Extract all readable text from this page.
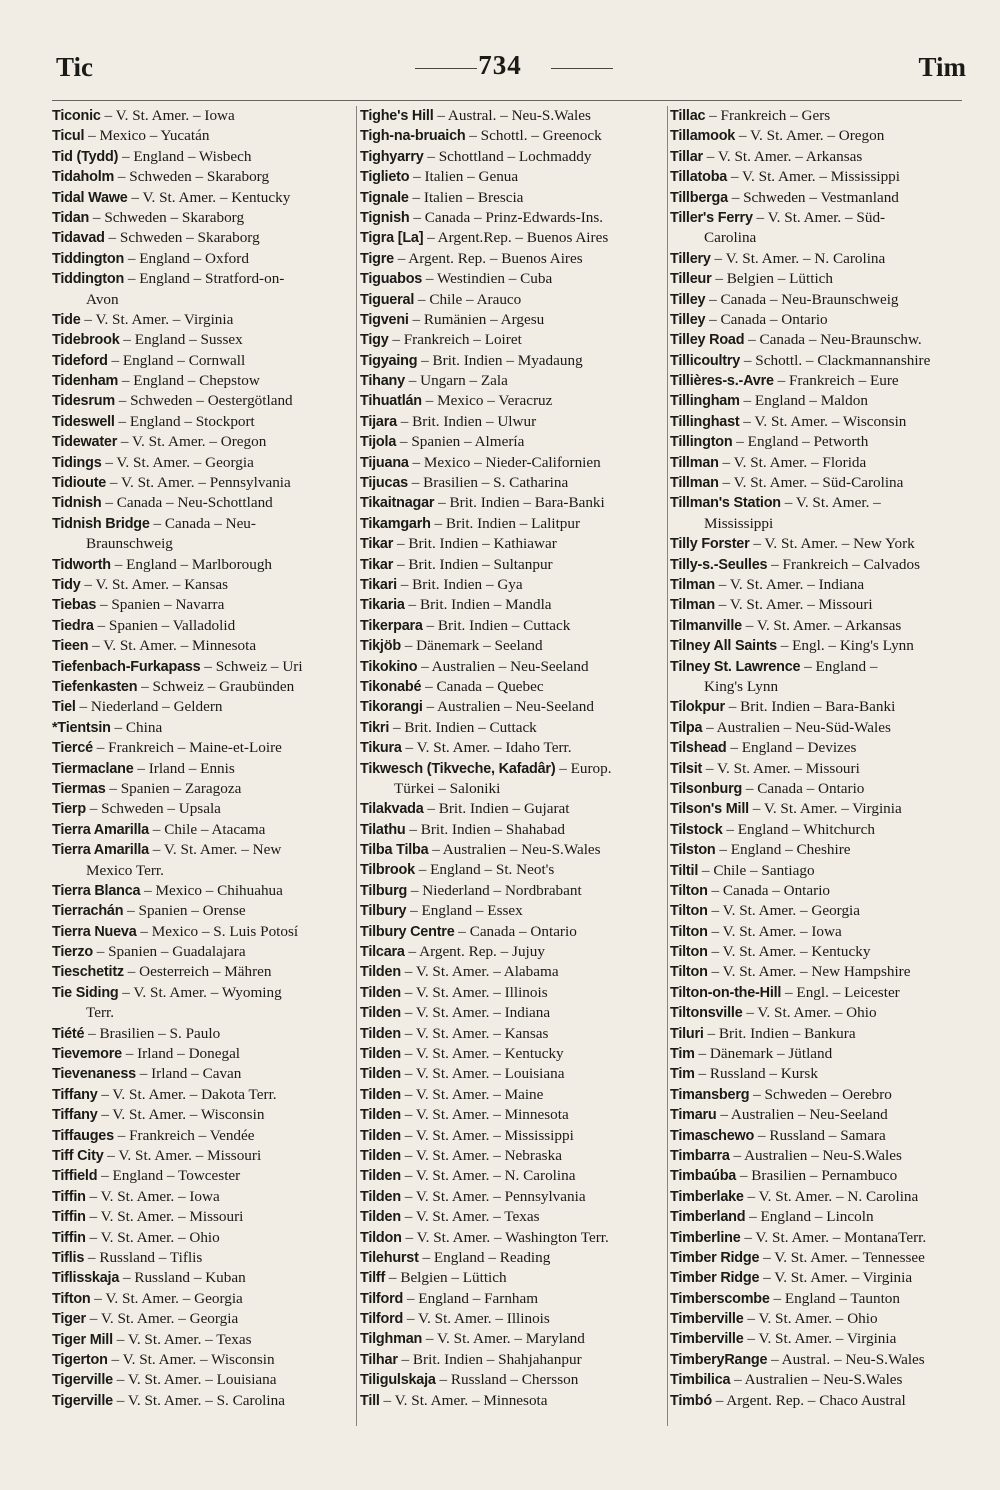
Tic	734	Tim
Ticonic – V. St. Amer. – Iowa
Ticul – Mexico – Yucatán
Tid (Tydd) – England – Wisbech
Tidaholm – Schweden – Skaraborg
Tidal Wawe – V. St. Amer. – Kentucky
Tidan – Schweden – Skaraborg
Tidavad – Schweden – Skaraborg
Tiddington – England – Oxford
Tiddington – England – Stratford-on-
Avon
Tide – V. St. Amer. – Virginia
Tidebrook – England – Sussex
Tideford – England – Cornwall
Tidenham – England – Chepstow
Tidesrum – Schweden – Oestergötland
Tideswell – England – Stockport
Tidewater – V. St. Amer. – Oregon
Tidings – V. St. Amer. – Georgia
Tidioute – V. St. Amer. – Pennsylvania
Tidnish – Canada – Neu-Schottland
Tidnish Bridge – Canada – Neu-
Braunschweig
Tidworth – England – Marlborough
Tidy – V. St. Amer. – Kansas
Tiebas – Spanien – Navarra
Tiedra – Spanien – Valladolid
Tieen – V. St. Amer. – Minnesota
Tiefenbach-Furkapass – Schweiz – Uri
Tiefenkasten – Schweiz – Graubünden
Tiel – Niederland – Geldern
*Tientsin – China
Tiercé – Frankreich – Maine-et-Loire
Tiermaclane – Irland – Ennis
Tiermas – Spanien – Zaragoza
Tierp – Schweden – Upsala
Tierra Amarilla – Chile – Atacama
Tierra Amarilla – V. St. Amer. – New
Mexico Terr.
Tierra Blanca – Mexico – Chihuahua
Tierrachán – Spanien – Orense
Tierra Nueva – Mexico – S. Luis Potosí
Tierzo – Spanien – Guadalajara
Tieschetitz – Oesterreich – Mähren
Tie Siding – V. St. Amer. – Wyoming
Terr.
Tiété – Brasilien – S. Paulo
Tievemore – Irland – Donegal
Tievenaness – Irland – Cavan
Tiffany – V. St. Amer. – Dakota Terr.
Tiffany – V. St. Amer. – Wisconsin
Tiffauges – Frankreich – Vendée
Tiff City – V. St. Amer. – Missouri
Tiffield – England – Towcester
Tiffin – V. St. Amer. – Iowa
Tiffin – V. St. Amer. – Missouri
Tiffin – V. St. Amer. – Ohio
Tiflis – Russland – Tiflis
Tiflisskaja – Russland – Kuban
Tifton – V. St. Amer. – Georgia
Tiger – V. St. Amer. – Georgia
Tiger Mill – V. St. Amer. – Texas
Tigerton – V. St. Amer. – Wisconsin
Tigerville – V. St. Amer. – Louisiana
Tigerville – V. St. Amer. – S. Carolina
Tighe's Hill – Austral. – Neu-S.Wales
Tigh-na-bruaich – Schottl. – Greenock
Tighyarry – Schottland – Lochmaddy
Tiglieto – Italien – Genua
Tignale – Italien – Brescia
Tignish – Canada – Prinz-Edwards-Ins.
Tigra [La] – Argent.Rep. – Buenos Aires
Tigre – Argent. Rep. – Buenos Aires
Tiguabos – Westindien – Cuba
Tigueral – Chile – Arauco
Tigveni – Rumänien – Argesu
Tigy – Frankreich – Loiret
Tigyaing – Brit. Indien – Myadaung
Tihany – Ungarn – Zala
Tihuatlán – Mexico – Veracruz
Tijara – Brit. Indien – Ulwur
Tijola – Spanien – Almería
Tijuana – Mexico – Nieder-Californien
Tijucas – Brasilien – S. Catharina
Tikaitnagar – Brit. Indien – Bara-Banki
Tikamgarh – Brit. Indien – Lalitpur
Tikar – Brit. Indien – Kathiawar
Tikar – Brit. Indien – Sultanpur
Tikari – Brit. Indien – Gya
Tikaria – Brit. Indien – Mandla
Tikerpara – Brit. Indien – Cuttack
Tikjöb – Dänemark – Seeland
Tikokino – Australien – Neu-Seeland
Tikonabé – Canada – Quebec
Tikorangi – Australien – Neu-Seeland
Tikri – Brit. Indien – Cuttack
Tikura – V. St. Amer. – Idaho Terr.
Tikwesch (Tikveche, Kafadâr) – Europ.
Türkei – Saloniki
Tilakvada – Brit. Indien – Gujarat
Tilathu – Brit. Indien – Shahabad
Tilba Tilba – Australien – Neu-S.Wales
Tilbrook – England – St. Neot's
Tilburg – Niederland – Nordbrabant
Tilbury – England – Essex
Tilbury Centre – Canada – Ontario
Tilcara – Argent. Rep. – Jujuy
Tilden – V. St. Amer. – Alabama
Tilden – V. St. Amer. – Illinois
Tilden – V. St. Amer. – Indiana
Tilden – V. St. Amer. – Kansas
Tilden – V. St. Amer. – Kentucky
Tilden – V. St. Amer. – Louisiana
Tilden – V. St. Amer. – Maine
Tilden – V. St. Amer. – Minnesota
Tilden – V. St. Amer. – Mississippi
Tilden – V. St. Amer. – Nebraska
Tilden – V. St. Amer. – N. Carolina
Tilden – V. St. Amer. – Pennsylvania
Tilden – V. St. Amer. – Texas
Tildon – V. St. Amer. – Washington Terr.
Tilehurst – England – Reading
Tilff – Belgien – Lüttich
Tilford – England – Farnham
Tilford – V. St. Amer. – Illinois
Tilghman – V. St. Amer. – Maryland
Tilhar – Brit. Indien – Shahjahanpur
Tiligulskaja – Russland – Chersson
Till – V. St. Amer. – Minnesota
Tillac – Frankreich – Gers
Tillamook – V. St. Amer. – Oregon
Tillar – V. St. Amer. – Arkansas
Tillatoba – V. St. Amer. – Mississippi
Tillberga – Schweden – Vestmanland
Tiller's Ferry – V. St. Amer. – Süd-
Carolina
Tillery – V. St. Amer. – N. Carolina
Tilleur – Belgien – Lüttich
Tilley – Canada – Neu-Braunschweig
Tilley – Canada – Ontario
Tilley Road – Canada – Neu-Braunschw.
Tillicoultry – Schottl. – Clackmannanshire
Tillières-s.-Avre – Frankreich – Eure
Tillingham – England – Maldon
Tillinghast – V. St. Amer. – Wisconsin
Tillington – England – Petworth
Tillman – V. St. Amer. – Florida
Tillman – V. St. Amer. – Süd-Carolina
Tillman's Station – V. St. Amer. –
Mississippi
Tilly Forster – V. St. Amer. – New York
Tilly-s.-Seulles – Frankreich – Calvados
Tilman – V. St. Amer. – Indiana
Tilman – V. St. Amer. – Missouri
Tilmanville – V. St. Amer. – Arkansas
Tilney All Saints – Engl. – King's Lynn
Tilney St. Lawrence – England –
King's Lynn
Tilokpur – Brit. Indien – Bara-Banki
Tilpa – Australien – Neu-Süd-Wales
Tilshead – England – Devizes
Tilsit – V. St. Amer. – Missouri
Tilsonburg – Canada – Ontario
Tilson's Mill – V. St. Amer. – Virginia
Tilstock – England – Whitchurch
Tilston – England – Cheshire
Tiltil – Chile – Santiago
Tilton – Canada – Ontario
Tilton – V. St. Amer. – Georgia
Tilton – V. St. Amer. – Iowa
Tilton – V. St. Amer. – Kentucky
Tilton – V. St. Amer. – New Hampshire
Tilton-on-the-Hill – Engl. – Leicester
Tiltonsville – V. St. Amer. – Ohio
Tiluri – Brit. Indien – Bankura
Tim – Dänemark – Jütland
Tim – Russland – Kursk
Timansberg – Schweden – Oerebro
Timaru – Australien – Neu-Seeland
Timaschewo – Russland – Samara
Timbarra – Australien – Neu-S.Wales
Timbaúba – Brasilien – Pernambuco
Timberlake – V. St. Amer. – N. Carolina
Timberland – England – Lincoln
Timberline – V. St. Amer. – MontanaTerr.
Timber Ridge – V. St. Amer. – Tennessee
Timber Ridge – V. St. Amer. – Virginia
Timberscombe – England – Taunton
Timberville – V. St. Amer. – Ohio
Timberville – V. St. Amer. – Virginia
TimberyRange – Austral. – Neu-S.Wales
Timbilica – Australien – Neu-S.Wales
Timbó – Argent. Rep. – Chaco Austral
